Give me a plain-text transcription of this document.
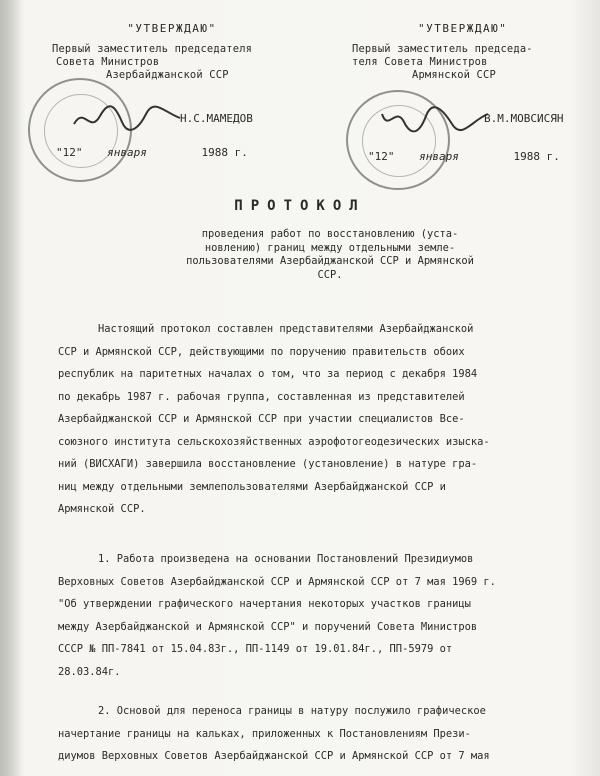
"УТВЕРЖДАЮ"
Первый заместитель председателя
Совета Министров
Азербайджанской ССР
Н.С.МАМЕДОВ
"12" января	1988 г.
"УТВЕРЖДАЮ"
Первый заместитель председа-
теля Совета Министров
Армянской ССР
В.М.МОВСИСЯН
"12" января	1988 г.
ПРОТОКОЛ
проведения работ по восстановлению (уста- новлению) границ между отдельными земле- пользователями Азербайджанской ССР и Армянской ССР.
Настоящий протокол составлен представителями Азербайджанской
ССР и Армянской ССР, действующими по поручению правительств обоих
республик на паритетных началах о том, что за период с декабря 1984
по декабрь 1987 г. рабочая группа, составленная из представителей
Азербайджанской ССР и Армянской ССР при участии специалистов Все-
союзного института сельскохозяйственных аэрофотогеодезических изыска-
ний (ВИСХАГИ) завершила восстановление (установление) в натуре гра-
ниц между отдельными землепользователями Азербайджанской ССР и
Армянской ССР.
1. Работа произведена на основании Постановлений Президиумов
Верховных Советов Азербайджанской ССР и Армянской ССР от 7 мая 1969 г.
"Об утверждении графического начертания некоторых участков границы
между Азербайджанской и Армянской ССР" и поручений Совета Министров
СССР № ПП-7841 от 15.04.83г., ПП-1149 от 19.01.84г., ПП-5979 от
28.03.84г.
2. Основой для переноса границы в натуру послужило графическое
начертание границы на кальках, приложенных к Постановлениям Прези-
диумов Верховных Советов Азербайджанской ССР и Армянской ССР от 7 мая
